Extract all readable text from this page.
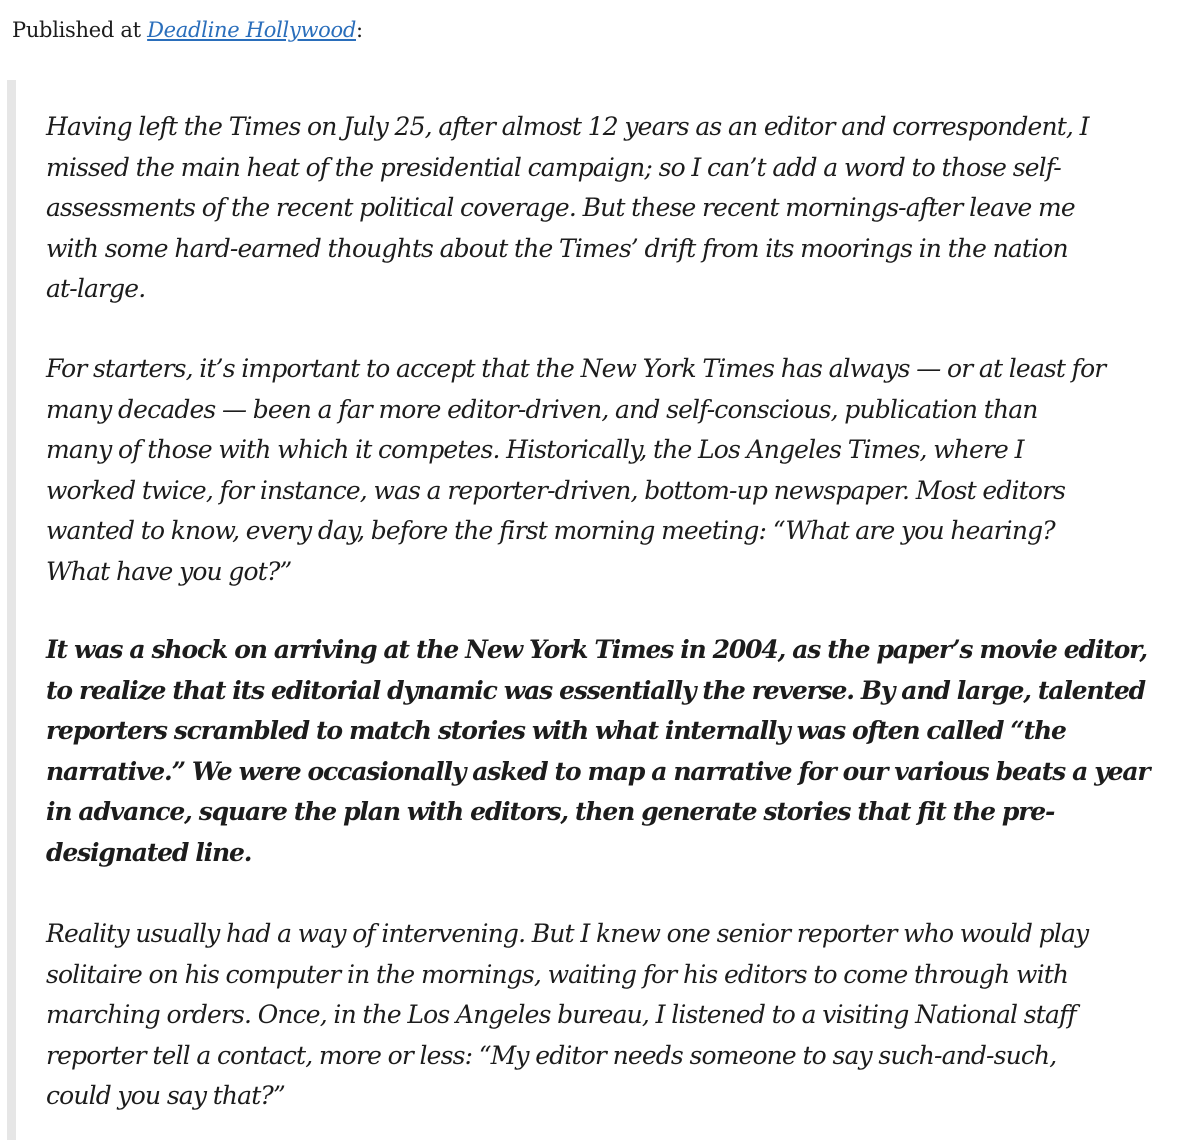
Published at Deadline Hollywood:

Having left the Times on July 25, after almost 12 years as an editor and correspondent, I
missed the main heat of the presidential campaign; so I can’t add a word to those self-
assessments of the recent political coverage. But these recent mornings-after leave me
with some hard-earned thoughts about the Times’ drift from its moorings in the nation
at-large.

For starters, it’s important to accept that the New York Times has always — or at least for
many decades — been a far more editor-driven, and self-conscious, publication than
many of those with which it competes. Historically, the Los Angeles Times, where I
worked twice, for instance, was a reporter-driven, bottom-up newspaper. Most editors
wanted to know, every day, before the first morning meeting: “What are you hearing?
What have you got?”

It was a shock on arriving at the New York Times in 2004, as the paper’s movie editor,
to realize that its editorial dynamic was essentially the reverse. By and large, talented
reporters scrambled to match stories with what internally was often called “the
narrative.” We were occasionally asked to map a narrative for our various beats a year
in advance, square the plan with editors, then generate stories that fit the pre-
designated line.

Reality usually had a way of intervening. But I knew one senior reporter who would play
solitaire on his computer in the mornings, waiting for his editors to come through with
marching orders. Once, in the Los Angeles bureau, I listened to a visiting National staff
reporter tell a contact, more or less: “My editor needs someone to say such-and-such,
could you say that?”
